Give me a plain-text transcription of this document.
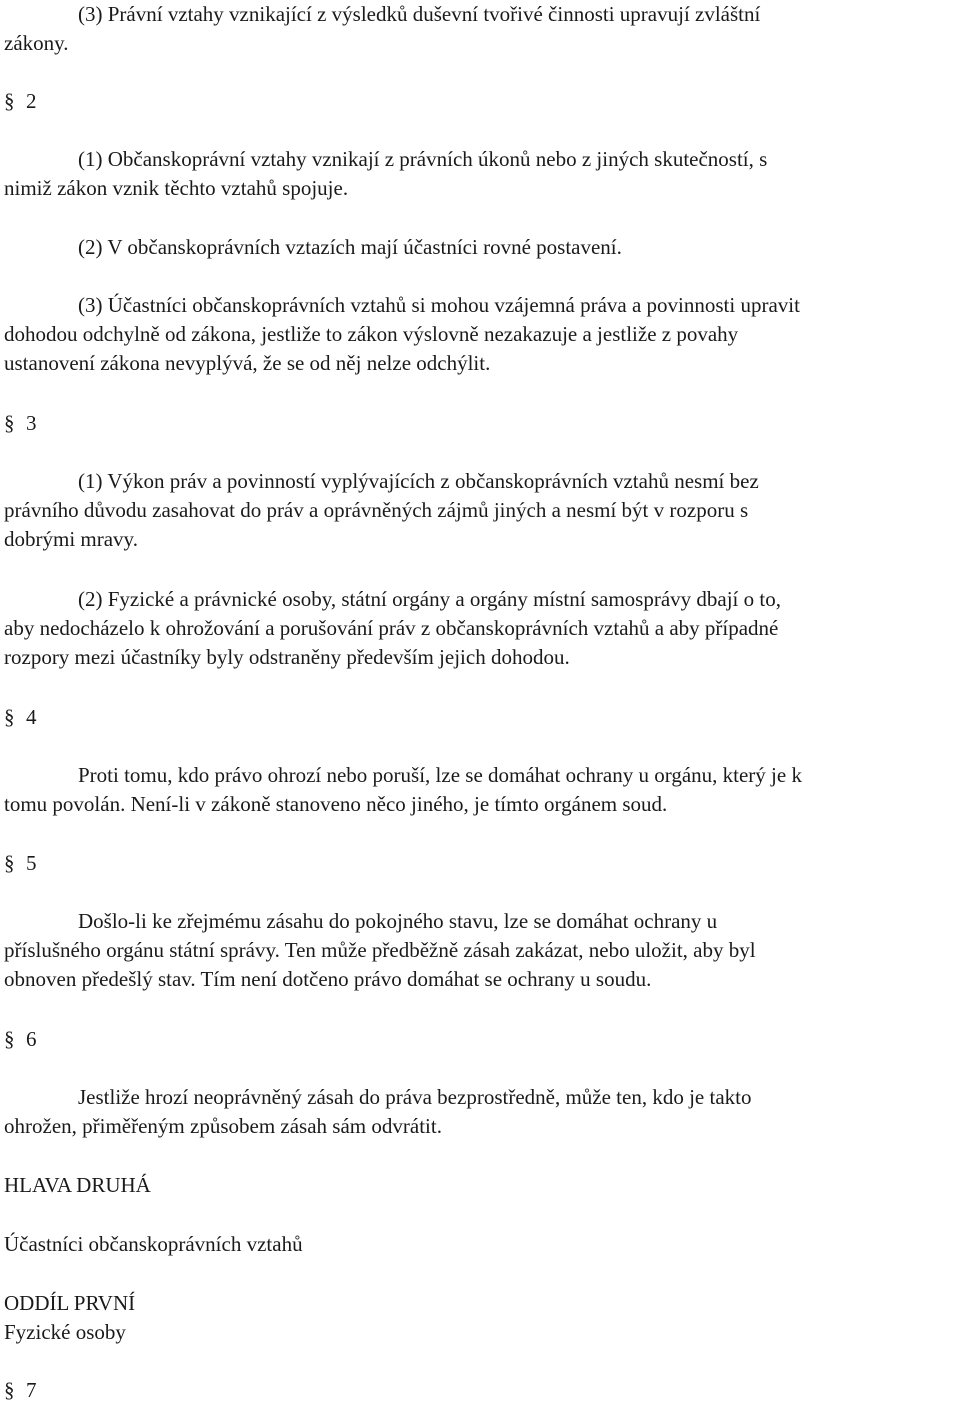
(3) Právní vztahy vznikající z výsledků duševní tvořivé činnosti upravují zvláštní
zákony.

§ 2

(1) Občanskoprávní vztahy vznikají z právních úkonů nebo z jiných skutečností, s
nimiž zákon vznik těchto vztahů spojuje.

(2) V občanskoprávních vztazích mají účastníci rovné postavení.

(3) Účastníci občanskoprávních vztahů si mohou vzájemná práva a povinnosti upravit
dohodou odchylně od zákona, jestliže to zákon výslovně nezakazuje a jestliže z povahy
ustanovení zákona nevyplývá, že se od něj nelze odchýlit.

§ 3

(1) Výkon práv a povinností vyplývajících z občanskoprávních vztahů nesmí bez
právního důvodu zasahovat do práv a oprávněných zájmů jiných a nesmí být v rozporu s
dobrými mravy.

(2) Fyzické a právnické osoby, státní orgány a orgány místní samosprávy dbají o to,
aby nedocházelo k ohrožování a porušování práv z občanskoprávních vztahů a aby případné
rozpory mezi účastníky byly odstraněny především jejich dohodou.

§ 4

Proti tomu, kdo právo ohrozí nebo poruší, lze se domáhat ochrany u orgánu, který je k
tomu povolán. Není-li v zákoně stanoveno něco jiného, je tímto orgánem soud.

§ 5

Došlo-li ke zřejmému zásahu do pokojného stavu, lze se domáhat ochrany u
příslušného orgánu státní správy. Ten může předběžně zásah zakázat, nebo uložit, aby byl
obnoven předešlý stav. Tím není dotčeno právo domáhat se ochrany u soudu.

§ 6

Jestliže hrozí neoprávněný zásah do práva bezprostředně, může ten, kdo je takto
ohrožen, přiměřeným způsobem zásah sám odvrátit.

HLAVA DRUHÁ

Účastníci občanskoprávních vztahů

ODDÍL PRVNÍ

Fyzické osoby

§ 7
